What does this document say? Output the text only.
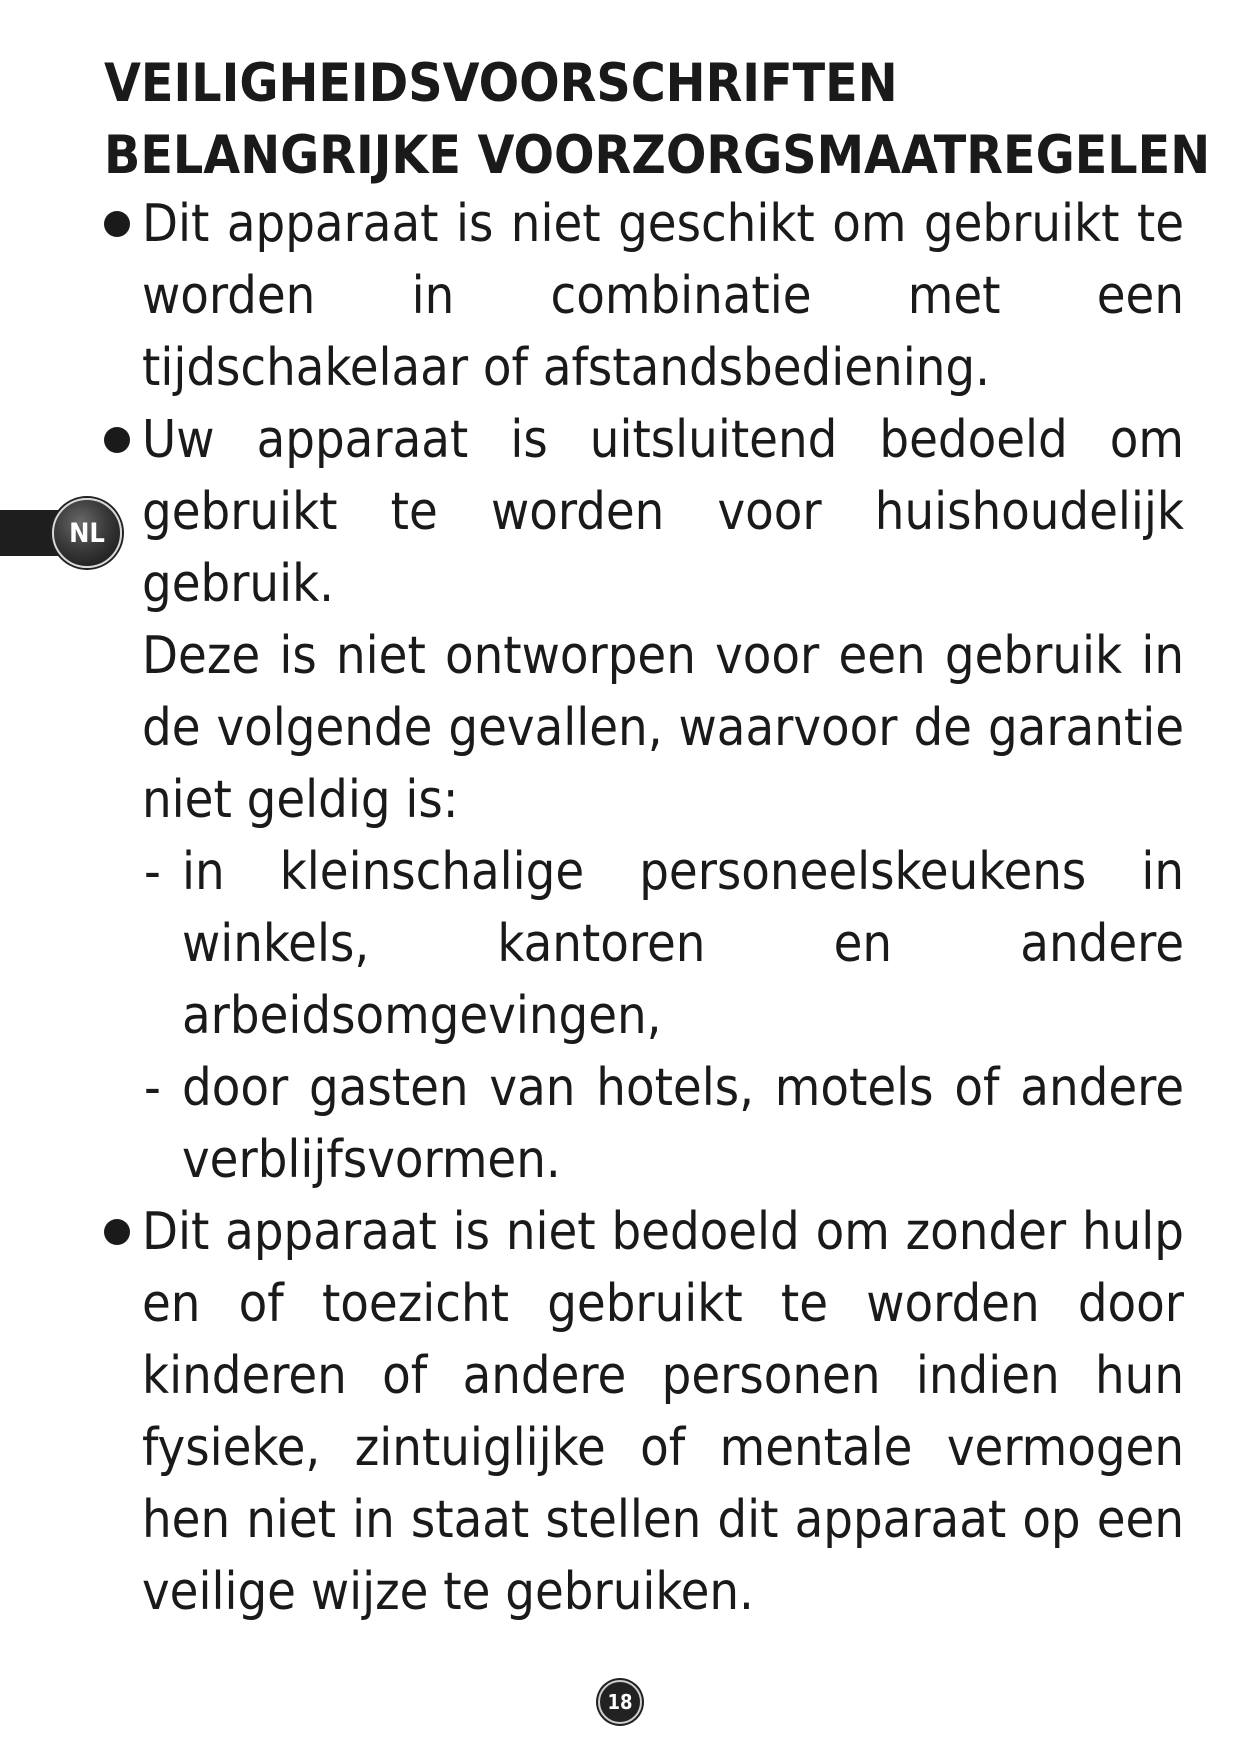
NL
VEILIGHEIDSVOORSCHRIFTEN
BELANGRIJKE VOORZORGSMAATREGELEN

Dit apparaat is niet geschikt om gebruikt te worden in combinatie met een tijdschakelaar of afstandsbediening.

Uw apparaat is uitsluitend bedoeld om gebruikt te worden voor huishoudelijk gebruik.

Deze is niet ontworpen voor een gebruik in de volgende gevallen, waarvoor de garantie niet geldig is:

- in kleinschalige personeelskeukens in winkels, kantoren en andere arbeidsomgevingen,

- door gasten van hotels, motels of andere verblijfsvormen.

Dit apparaat is niet bedoeld om zonder hulp en of toezicht gebruikt te worden door kinderen of andere personen indien hun fysieke, zintuiglijke of mentale vermogen hen niet in staat stellen dit apparaat op een veilige wijze te gebruiken.

18
